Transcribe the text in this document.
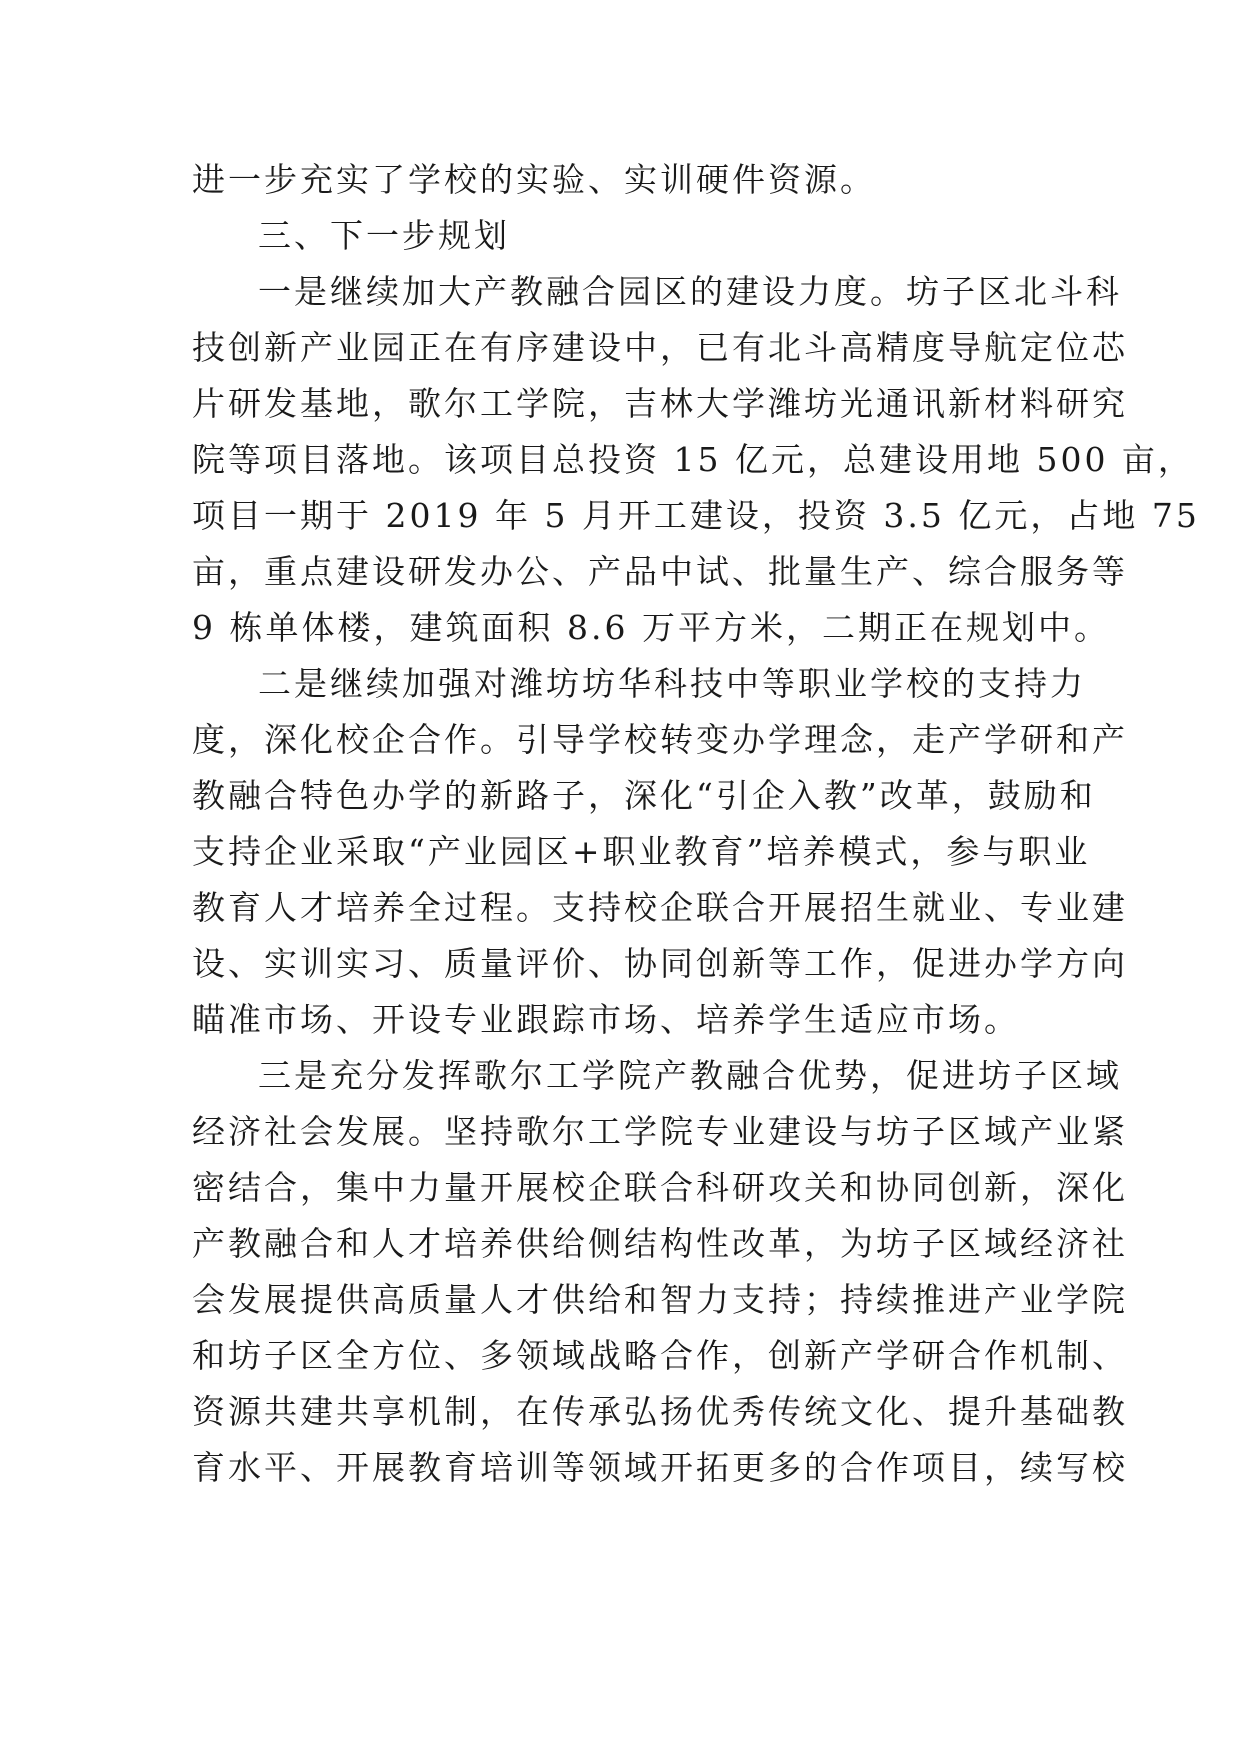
进一步充实了学校的实验、实训硬件资源。
三、下一步规划
一是继续加大产教融合园区的建设力度。坊子区北斗科
技创新产业园正在有序建设中，已有北斗高精度导航定位芯
片研发基地，歌尔工学院，吉林大学潍坊光通讯新材料研究
院等项目落地。该项目总投资 15 亿元，总建设用地 500 亩，
项目一期于 2019 年 5 月开工建设，投资 3.5 亿元，占地 75
亩，重点建设研发办公、产品中试、批量生产、综合服务等
9 栋单体楼，建筑面积 8.6 万平方米，二期正在规划中。
二是继续加强对潍坊坊华科技中等职业学校的支持力
度，深化校企合作。引导学校转变办学理念，走产学研和产
教融合特色办学的新路子，深化“引企入教”改革，鼓励和
支持企业采取“产业园区+职业教育”培养模式，参与职业
教育人才培养全过程。支持校企联合开展招生就业、专业建
设、实训实习、质量评价、协同创新等工作，促进办学方向
瞄准市场、开设专业跟踪市场、培养学生适应市场。
三是充分发挥歌尔工学院产教融合优势，促进坊子区域
经济社会发展。坚持歌尔工学院专业建设与坊子区域产业紧
密结合，集中力量开展校企联合科研攻关和协同创新，深化
产教融合和人才培养供给侧结构性改革，为坊子区域经济社
会发展提供高质量人才供给和智力支持；持续推进产业学院
和坊子区全方位、多领域战略合作，创新产学研合作机制、
资源共建共享机制，在传承弘扬优秀传统文化、提升基础教
育水平、开展教育培训等领域开拓更多的合作项目，续写校
